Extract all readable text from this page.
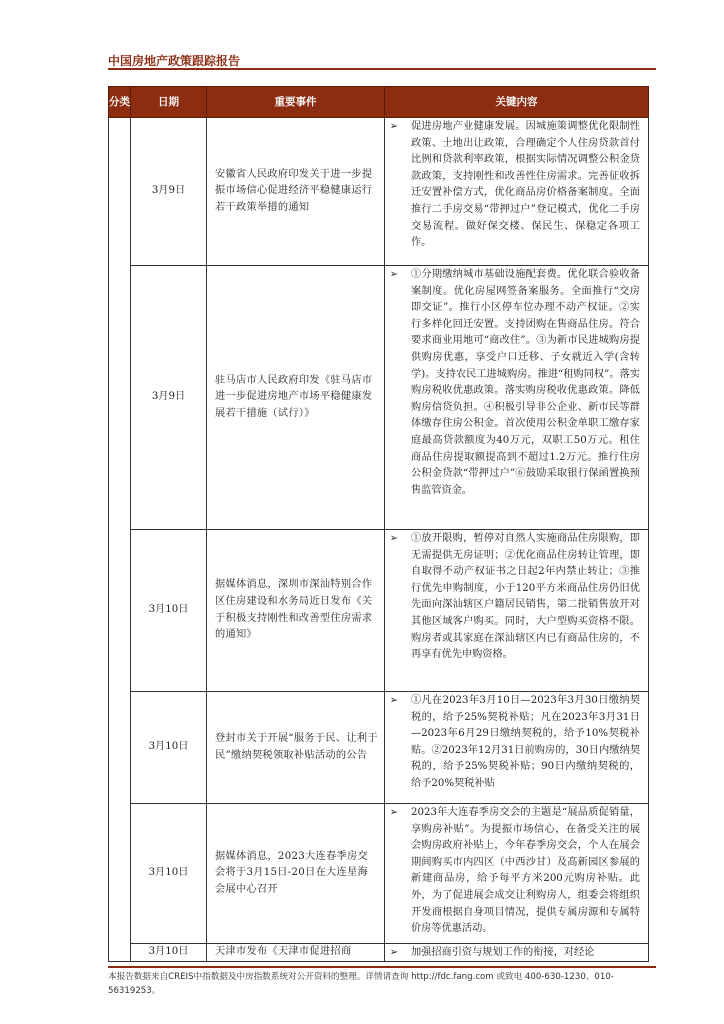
中国房地产政策跟踪报告
分类	日期	重要事件	关键内容
	3月9日	安徽省人民政府印发关于进一步提振市场信心促进经济平稳健康运行若干政策举措的通知	➢ 促进房地产业健康发展。因城施策调整优化限制性政策、土地出让政策，合理确定个人住房贷款首付比例和贷款利率政策，根据实际情况调整公积金贷款政策，支持刚性和改善性住房需求。完善征收拆迁安置补偿方式，优化商品房价格备案制度。全面推行二手房交易“带押过户”登记模式，优化二手房交易流程。做好保交楼、保民生、保稳定各项工作。

	3月9日	驻马店市人民政府印发《驻马店市进一步促进房地产市场平稳健康发展若干措施（试行）》	➢ ①分期缴纳城市基础设施配套费。优化联合验收备案制度。优化房屋网签备案服务。全面推行“交房即交证”。推行小区停车位办理不动产权证。②实行多样化回迁安置。支持团购在售商品住房。符合要求商业用地可“商改住”。③为新市民进城购房提供购房优惠，享受户口迁移、子女就近入学(含转学)。支持农民工进城购房。推进“租购同权”。落实购房税收优惠政策。落实购房税收优惠政策。降低购房信贷负担。④积极引导非公企业、新市民等群体缴存住房公积金。首次使用公积金单职工缴存家庭最高贷款额度为40万元，双职工50万元。租住商品住房提取额提高到不超过1.2万元。推行住房公积金贷款“带押过户”⑥鼓励采取银行保函置换预售监管资金。

	3月10日	据媒体消息，深圳市深汕特别合作区住房建设和水务局近日发布《关于积极支持刚性和改善型住房需求的通知》	➢ ①放开限购，暂停对自然人实施商品住房限购，即无需提供无房证明；②优化商品住房转让管理，即自取得不动产权证书之日起2年内禁止转让；③推行优先申购制度，小于120平方米商品住房仍旧优先面向深汕辖区户籍居民销售，第二批销售放开对其他区域客户购买。同时，大户型购买资格不限。购房者或其家庭在深汕辖区内已有商品住房的，不再享有优先申购资格。

	3月10日	登封市关于开展“服务于民、让利于民”缴纳契税领取补贴活动的公告	➢ ①凡在2023年3月10日—2023年3月30日缴纳契税的，给予25%契税补贴；凡在2023年3月31日—2023年6月29日缴纳契税的，给予10%契税补贴。②2023年12月31日前购房的，30日内缴纳契税的，给予25%契税补贴；90日内缴纳契税的，给予20%契税补贴

	3月10日	据媒体消息，2023大连春季房交会将于3月15日-20日在大连星海会展中心召开	➢ 2023年大连春季房交会的主题是“展品质促销量，享购房补贴”。为提振市场信心，在备受关注的展会购房政府补贴上，今年春季房交会，个人在展会期间购买市内四区（中西沙甘）及高新园区参展的新建商品房，给予每平方米200元购房补贴。此外，为了促进展会成交让利购房人，组委会将组织开发商根据自身项目情况，提供专属房源和专属特价房等优惠活动。

	3月10日	天津市发布《天津市促进招商	➢ 加强招商引资与规划工作的衔接，对经论
本报告数据来自CREIS中指数据及中房指数系统对公开资料的整理。详情请查询 http://fdc.fang.com 或致电 400-630-1230、010-56319253。
